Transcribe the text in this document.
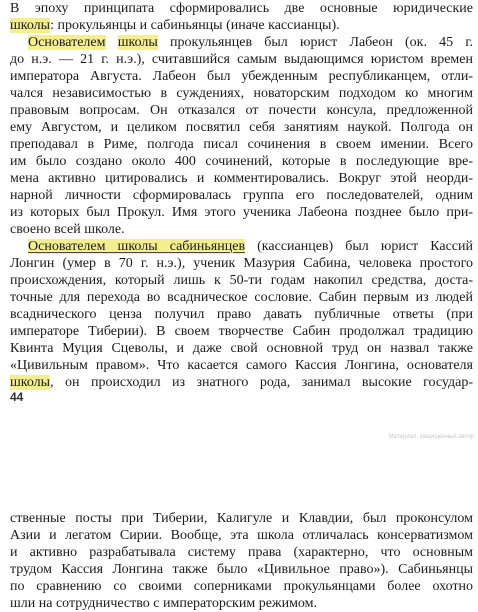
В эпоху принципата сформировались две основные юридические
школы: прокульянцы и сабиньянцы (иначе кассианцы).
Основателем школы прокульянцев был юрист Лабеон (ок. 45 г.
до н.э. — 21 г. н.э.), считавшийся самым выдающимся юристом времен
императора Августа. Лабеон был убежденным республиканцем, отли-
чался независимостью в суждениях, новаторским подходом ко многим
правовым вопросам. Он отказался от почести консула, предложенной
ему Августом, и целиком посвятил себя занятиям наукой. Полгода он
преподавал в Риме, полгода писал сочинения в своем имении. Всего
им было создано около 400 сочинений, которые в последующие вре-
мена активно цитировались и комментировались. Вокруг этой неорди-
нарной личности сформировалась группа его последователей, одним
из которых был Прокул. Имя этого ученика Лабеона позднее было при-
своено всей школе.
Основателем школы сабиньянцев (кассианцев) был юрист Кассий
Лонгин (умер в 70 г. н.э.), ученик Мазурия Сабина, человека простого
происхождения, который лишь к 50-ти годам накопил средства, доста-
точные для перехода во всадническое сословие. Сабин первым из людей
всаднического ценза получил право давать публичные ответы (при
императоре Тиберии). В своем творчестве Сабин продолжал традицию
Квинта Муция Сцеволы, и даже свой основной труд он назвал также
«Цивильным правом». Что касается самого Кассия Лонгина, основателя
школы, он происходил из знатного рода, занимал высокие государ-
44
Материал, защищенный автор
ственные посты при Тиберии, Калигуле и Клавдии, был проконсулом
Азии и легатом Сирии. Вообще, эта школа отличалась консерватизмом
и активно разрабатывала систему права (характерно, что основным
трудом Кассия Лонгина также было «Цивильное право»). Сабиньянцы
по сравнению со своими соперниками прокульянцами более охотно
шли на сотрудничество с императорским режимом.
